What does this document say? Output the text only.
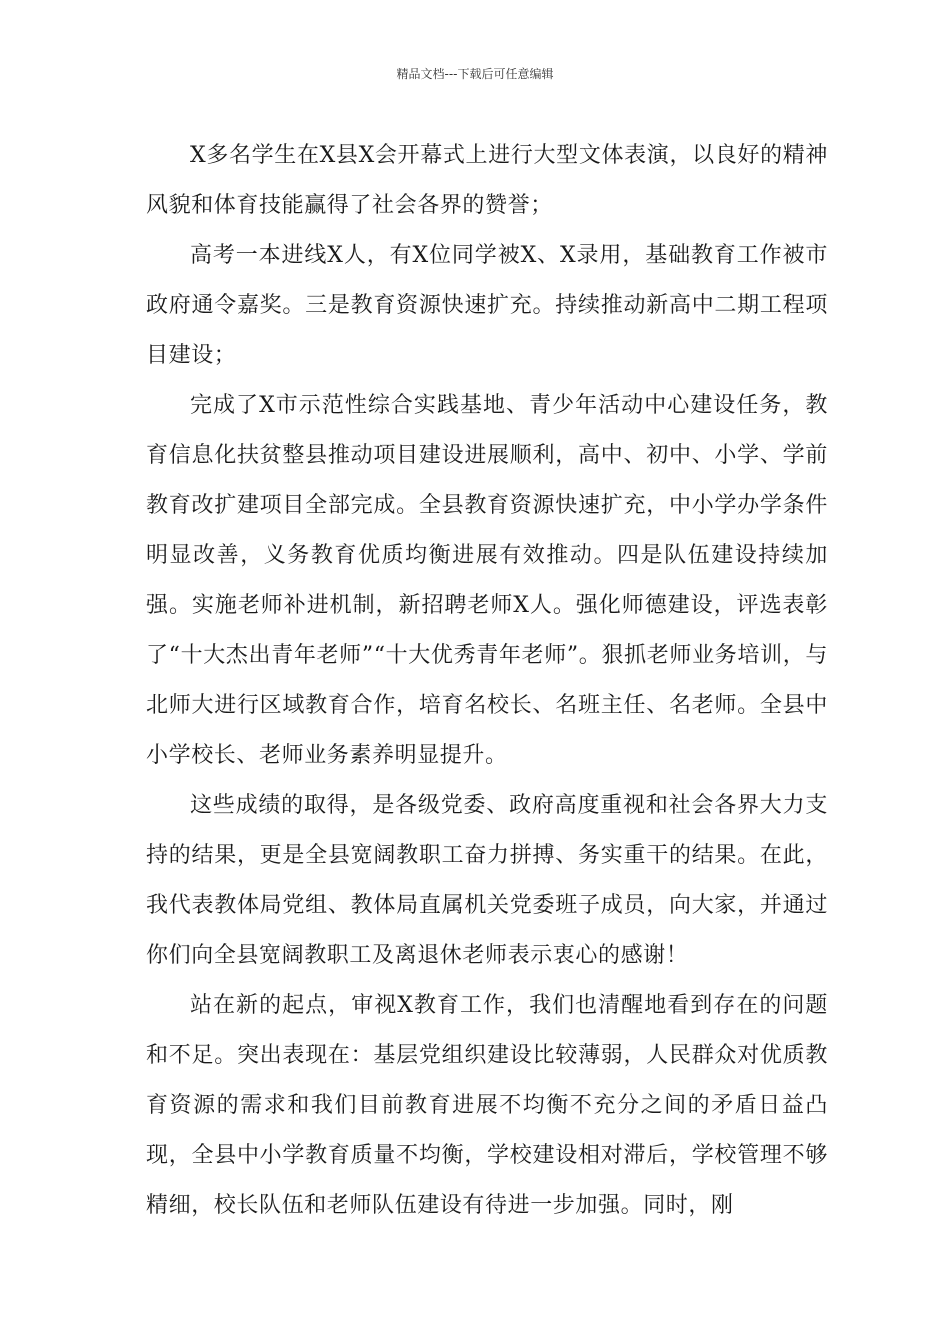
精品文档---下载后可任意编辑

X多名学生在X县X会开幕式上进行大型文体表演，以良好的精神风貌和体育技能赢得了社会各界的赞誉；

高考一本进线X人，有X位同学被X、X录用，基础教育工作被市政府通令嘉奖。三是教育资源快速扩充。持续推动新高中二期工程项目建设；

完成了X市示范性综合实践基地、青少年活动中心建设任务，教育信息化扶贫整县推动项目建设进展顺利，高中、初中、小学、学前教育改扩建项目全部完成。全县教育资源快速扩充，中小学办学条件明显改善，义务教育优质均衡进展有效推动。四是队伍建设持续加强。实施老师补进机制，新招聘老师X人。强化师德建设，评选表彰了“十大杰出青年老师”“十大优秀青年老师”。狠抓老师业务培训，与北师大进行区域教育合作，培育名校长、名班主任、名老师。全县中小学校长、老师业务素养明显提升。

这些成绩的取得，是各级党委、政府高度重视和社会各界大力支持的结果，更是全县宽阔教职工奋力拼搏、务实重干的结果。在此，我代表教体局党组、教体局直属机关党委班子成员，向大家，并通过你们向全县宽阔教职工及离退休老师表示衷心的感谢！

站在新的起点，审视X教育工作，我们也清醒地看到存在的问题和不足。突出表现在：基层党组织建设比较薄弱，人民群众对优质教育资源的需求和我们目前教育进展不均衡不充分之间的矛盾日益凸现，全县中小学教育质量不均衡，学校建设相对滞后，学校管理不够精细，校长队伍和老师队伍建设有待进一步加强。同时，刚
